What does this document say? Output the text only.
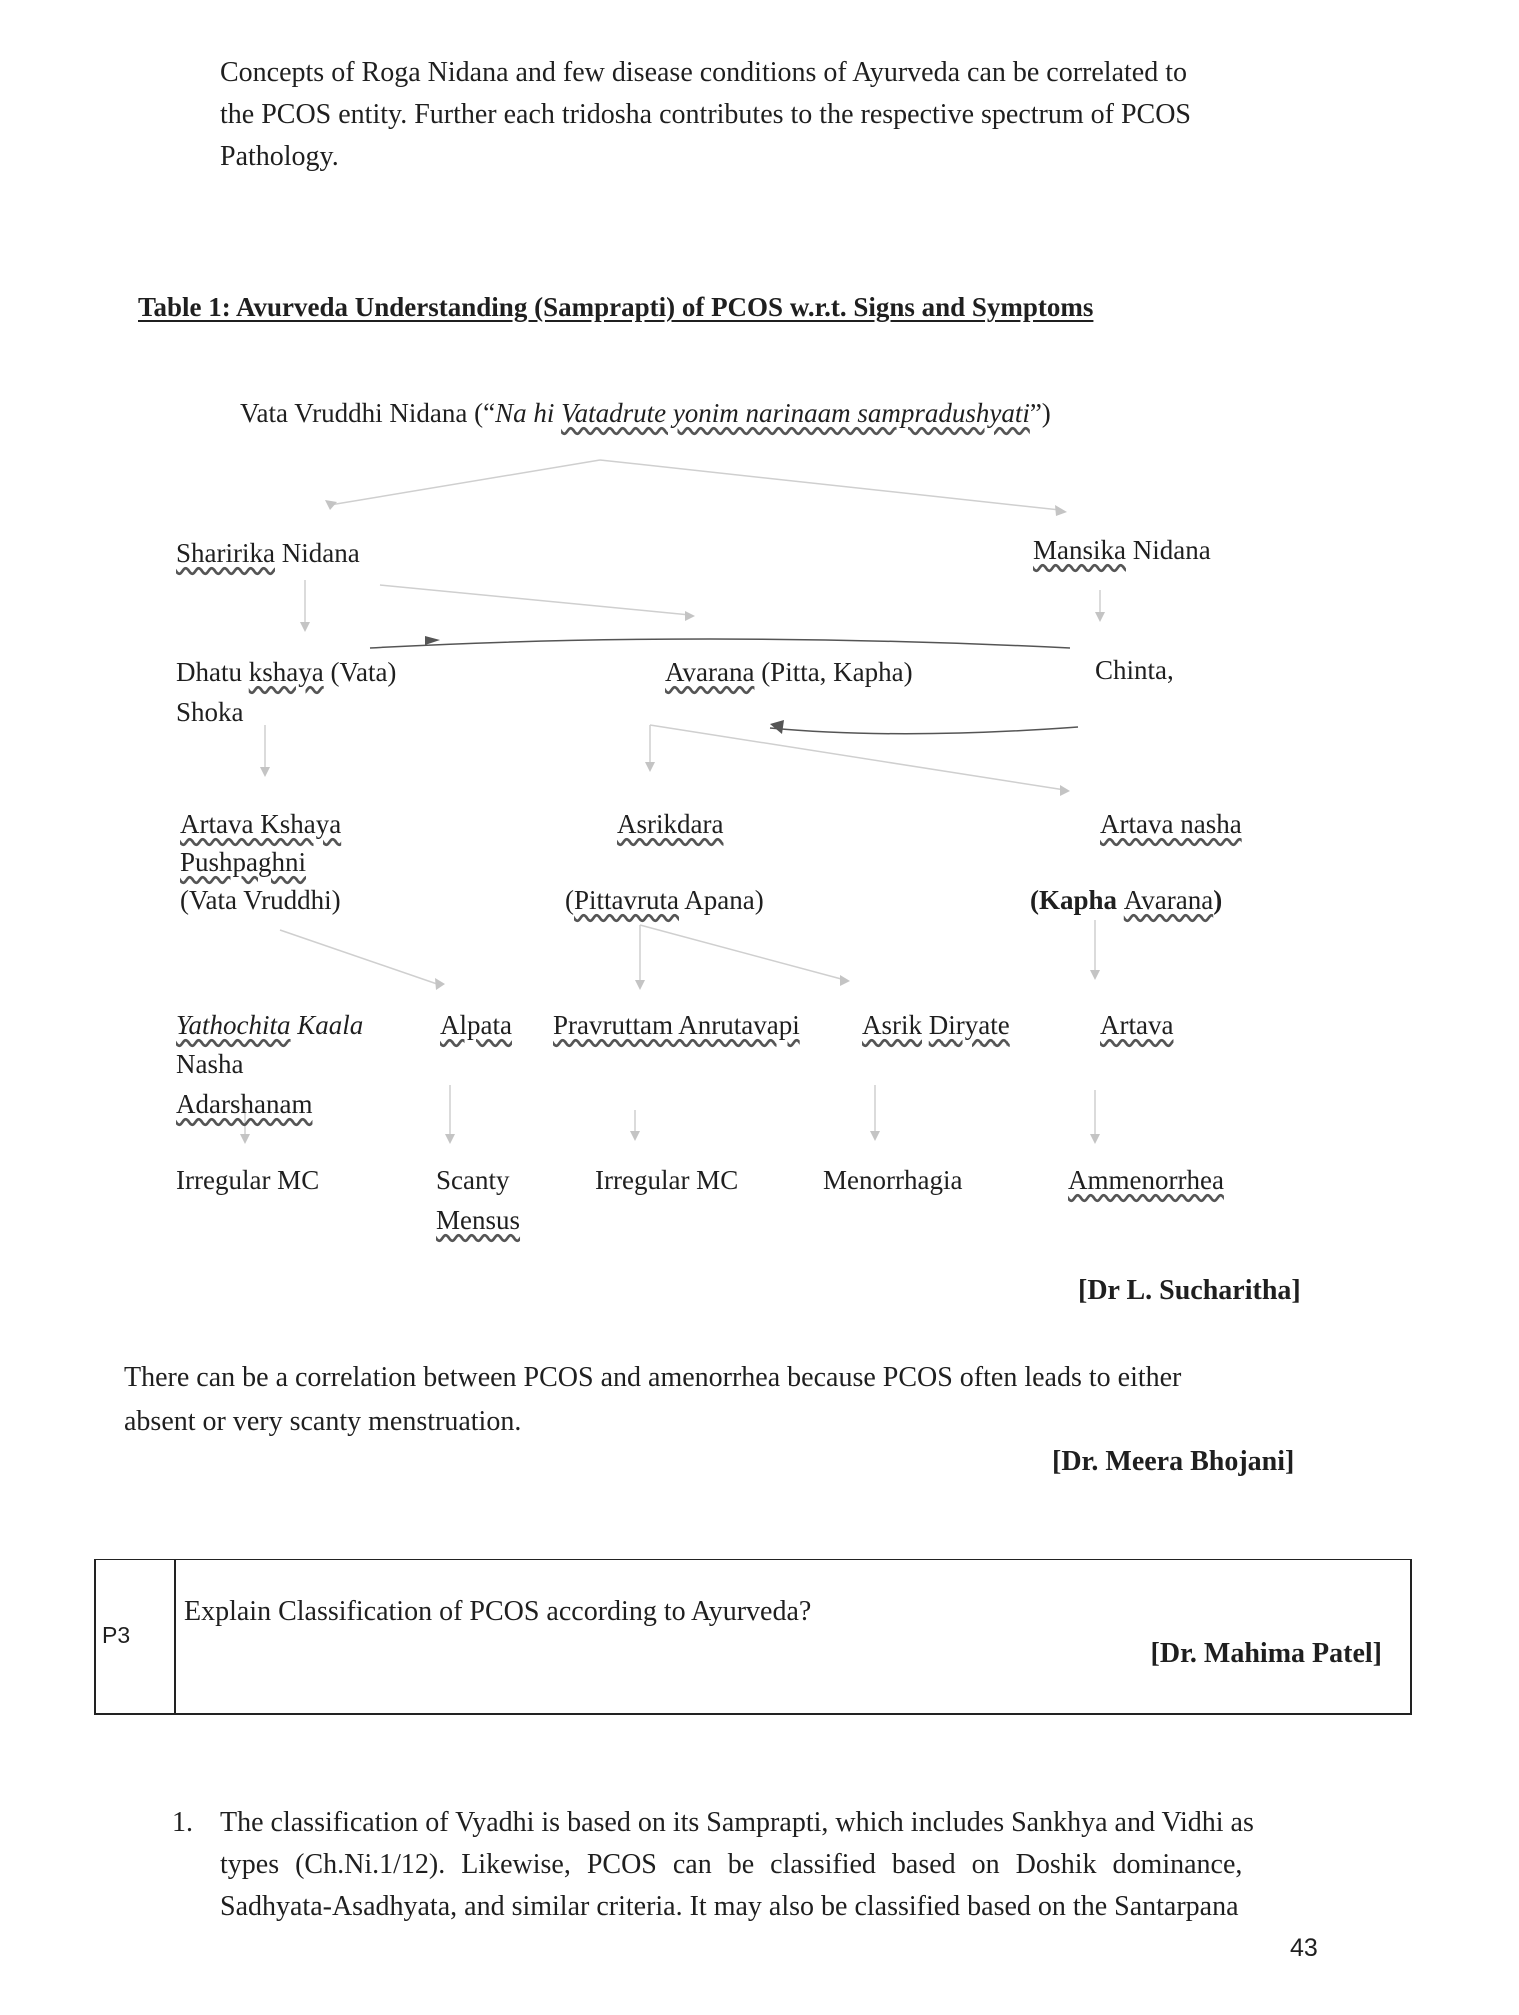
Concepts of Roga Nidana and few disease conditions of Ayurveda can be correlated to
the PCOS entity. Further each tridosha contributes to the respective spectrum of PCOS
Pathology.
Table 1: Avurveda Understanding (Samprapti) of PCOS w.r.t. Signs and Symptoms
Vata Vruddhi Nidana (“Na hi Vatadrute yonim narinaam sampradushyati”)
Sharirika Nidana	Mansika Nidana
Dhatu kshaya (Vata)
Shoka
Avarana (Pitta, Kapha)	Chinta,
Artava Kshaya
Pushpaghni
(Vata Vruddhi)
Asrikdara
(Pittavruta Apana)
Artava nasha
(Kapha Avarana)
Yathochita Kaala
Nasha
Adarshanam
Alpata Pravruttam Anrutavapi Asrik Diryate	Artava
Irregular MC	Scanty
Mensus
Irregular MC	Menorrhagia	Ammenorrhea
[Dr L. Sucharitha]
There can be a correlation between PCOS and amenorrhea because PCOS often leads to either
absent or very scanty menstruation.
[Dr. Meera Bhojani]
P3
Explain Classification of PCOS according to Ayurveda?
[Dr. Mahima Patel]
1. The classification of Vyadhi is based on its Samprapti, which includes Sankhya and Vidhi as
types (Ch.Ni.1/12). Likewise, PCOS can be classified based on Doshik dominance,
Sadhyata-Asadhyata, and similar criteria. It may also be classified based on the Santarpana
43
